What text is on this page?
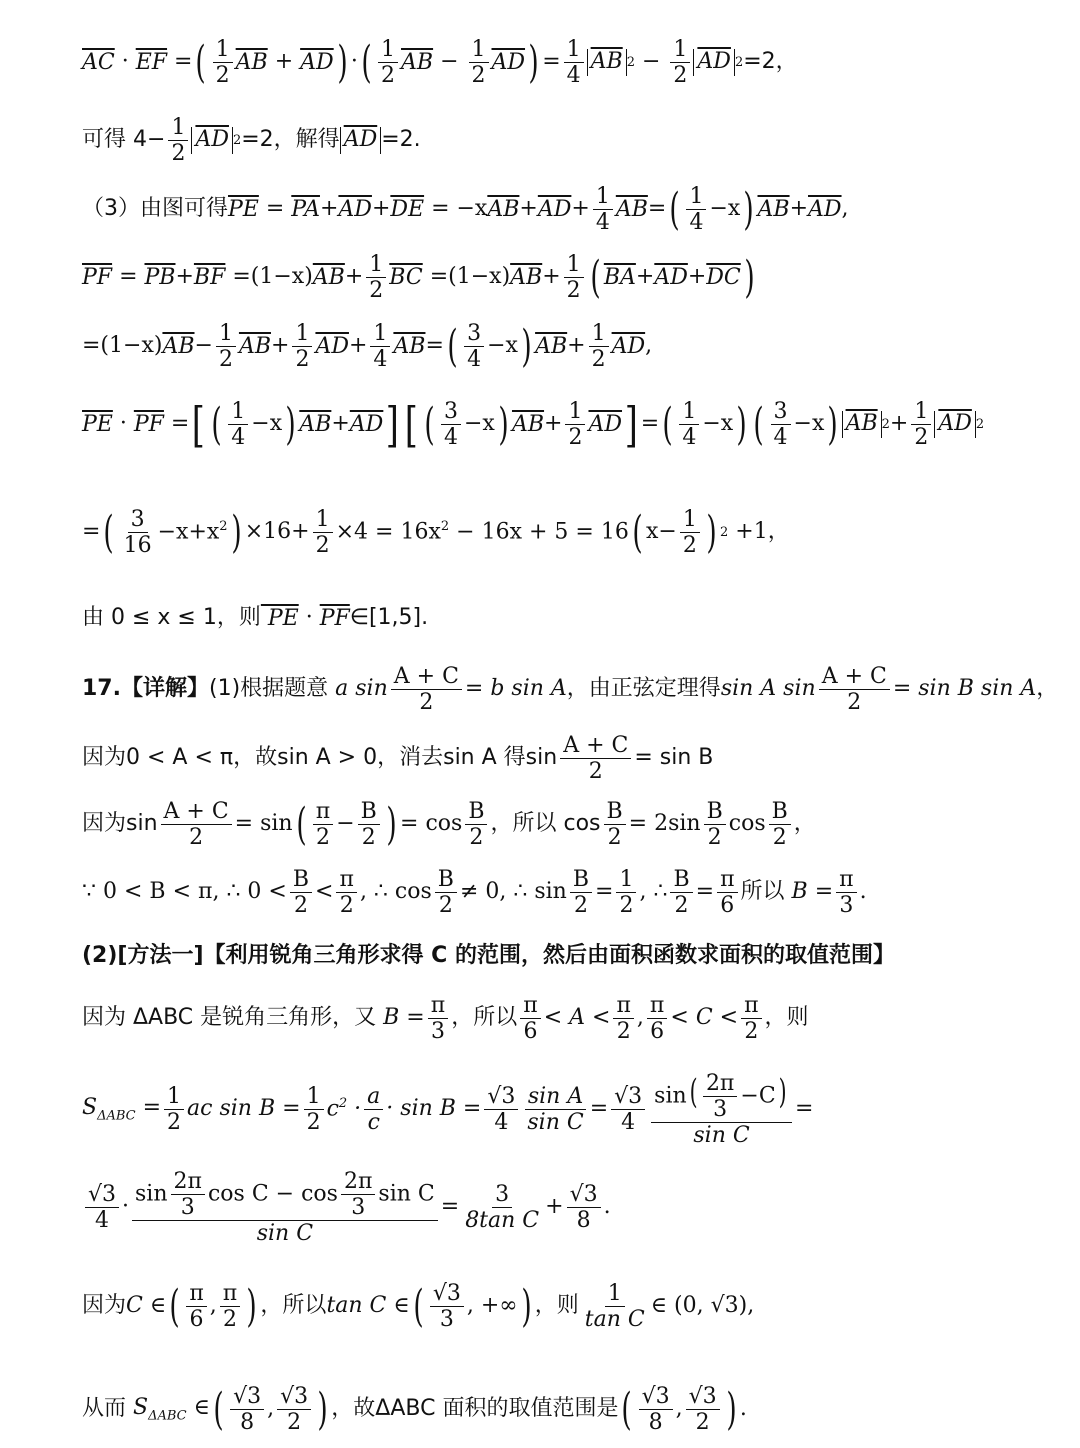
$\overline{AC} \cdot \overline{EF}$ = ( $\frac{1}{2} \overline{AB} + \overline{AD}$ ) · ( $\frac{1}{2} \overline{AB} - \frac{1}{2} \overline{AD}$ ) = $\frac{1}{4} \overline{AB}$ $2 - \frac{1}{2} \overline{AD}$ 2 =2，
可得 $4- \frac{1}{2} \overline{AD}$ 2 =2，解得 $\overline{AD} =2$.
（3）由图可得 $\overline{PE} = \overline{PA} + \overline{AD} + \overline{DE} = -x$ $\overline{AB} + \overline{AD} + \frac{1}{4} \overline{AB}$ = ( $\frac{1}{4} -x$ ) $\overline{AB} + \overline{AD}$ ,
$\overline{PF} = \overline{PB} + \overline{BF} =(1-x) \overline{AB} + \frac{1}{2} \overline{BC} =(1-x) \overline{AB} + \frac{1}{2}$ ( $\overline{BA} + \overline{AD} + \overline{DC}$ )
=(1−x) $\overline{AB} - \frac{1}{2} \overline{AB} + \frac{1}{2} \overline{AD} + \frac{1}{4} \overline{AB}$ = ( $\frac{3}{4} -x$ ) $\overline{AB} + \frac{1}{2} \overline{AD}$ ,
$\overline{PE} \cdot \overline{PF}$ = [ ( $\frac{1}{4} -x$ ) $\overline{AB} + \overline{AD}$ ] [ ( $\frac{3}{4} -x$ ) $\overline{AB} + \frac{1}{2} \overline{AD}$ ] = ( $\frac{1}{4} -x$ ) ( $\frac{3}{4} -x$ ) $\overline{AB}$ $2 + \frac{1}{2} \overline{AD}$ 2
= ( $\frac{3}{16} -x+x^2$ ) $\times 16+ \frac{1}{2} \times 4 = 16x^2 - 16x + 5 = 16$ ( $x- \frac{1}{2}$ ) 2 +1，
由 0 ≤ x ≤ 1，则 PE · $\overline{PF}$ ∈[1,5].
17.【详解】 (1)根据题意 a $\sin \frac{A + C}{2} = b$ sin A ，由正弦定理得 sin A $\sin \frac{A + C}{2} = \sin B$ sin A ，
因为0 < A < π，故sin A > 0，消去sin A 得$\sin \frac{A + C}{2} = \sin B$
因为$\sin \frac{A + C}{2} = \sin$ ( $\frac{\pi}{2} - \frac{B}{2}$ ) = $\cos \frac{B}{2}$ ，所以 $\cos \frac{B}{2} = 2\sin \frac{B}{2}$ $\cos \frac{B}{2}$ ，
∵ 0 < B < π, ∴ $0 < \frac{B}{2} < \frac{\pi}{2}$ , ∴ $\cos \frac{B}{2} \ne 0$, ∴ $\sin \frac{B}{2} = \frac{1}{2}$ , ∴ $\frac{B}{2} = \frac{\pi}{6}$ 所以 $B = \frac{\pi}{3}$ .
(2)[方法一]【利用锐角三角形求得 C 的范围，然后由面积函数求面积的取值范围】
因为 ΔABC 是锐角三角形，又 $B = \frac{\pi}{3}$ ，所以 $\frac{\pi}{6} < A < \frac{\pi}{2}$ , $\frac{\pi}{6} < C < \frac{\pi}{2}$ ，则
$S_{\Delta ABC} = \frac{1}{2}$ ac $\sin B = \frac{1}{2} c^2 \cdot \frac{a}{c} \cdot \sin B = \frac{√3}{4} \frac{\text{sin A}}{\text{sin C}} = \frac{√3}{4} \frac{\sin( \frac{2\pi}{3} -C)}{\text{sin C}}$ =
$\frac{√3}{4} \cdot \frac{\sin \frac{2\pi}{3} \cos C - \cos \frac{2\pi}{3} \sin C}{\text{sin C}} = \frac{3}{\text{8tan C}} + \frac{√3}{8}$ .
因为 C ∈ ( $\frac{\pi}{6}$ , $\frac{\pi}{2}$ ) ，所以 tan C ∈ ( $\frac{√3}{3}$ , +∞ ) ，则 $\frac{1}{\text{tan C}}$ ∈ (0, √3),
从而 $S_{\Delta ABC}$ ∈ ( $\frac{√3}{8}$ , $\frac{√3}{2}$ ) ，故ΔABC 面积的取值范围是 ( $\frac{√3}{8}$ , $\frac{√3}{2}$ ) .
